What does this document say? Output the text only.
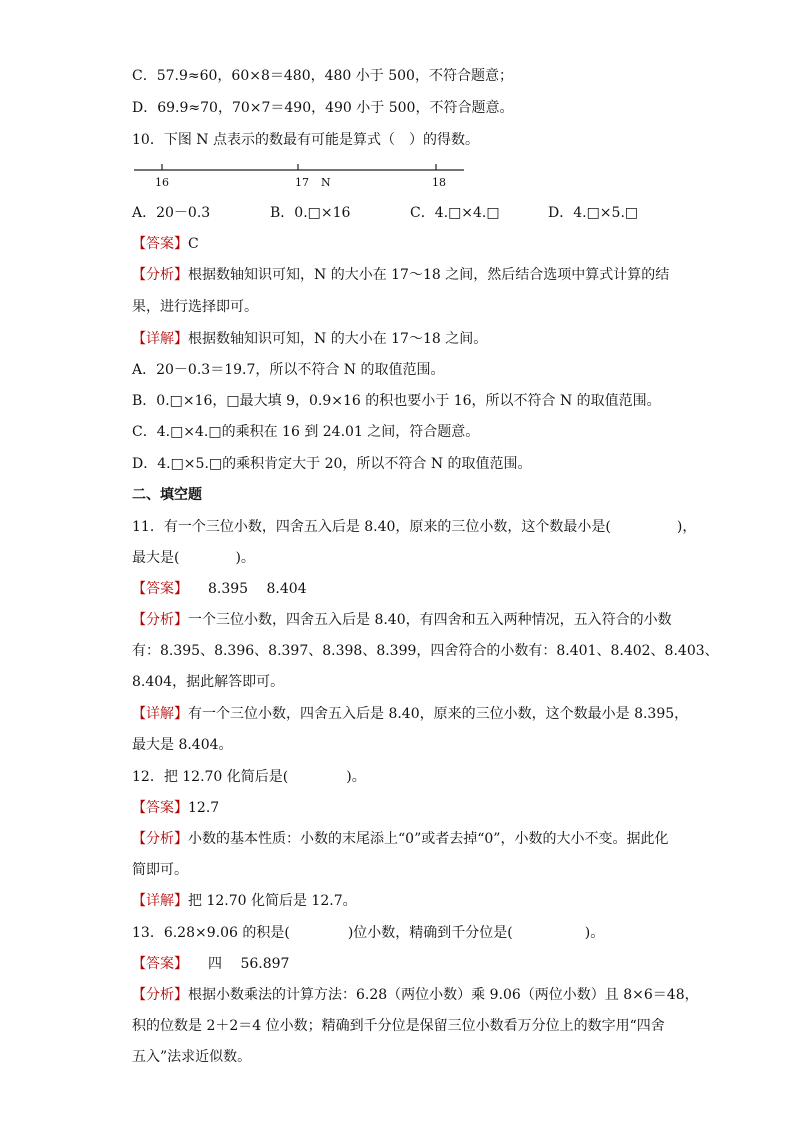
C．57.9≈60，60×8＝480，480 小于 500，不符合题意；
D．69.9≈70，70×7＝490，490 小于 500，不符合题意。
10．下图 N 点表示的数最有可能是算式（　）的得数。
16	17 N	18
A．20－0.3	B．0.□×16	C．4.□×4.□	D．4.□×5.□
【答案】C
【分析】根据数轴知识可知，N 的大小在 17～18 之间，然后结合选项中算式计算的结
果，进行选择即可。
【详解】根据数轴知识可知，N 的大小在 17～18 之间。
A．20－0.3＝19.7，所以不符合 N 的取值范围。
B．0.□×16，□最大填 9，0.9×16 的积也要小于 16，所以不符合 N 的取值范围。
C．4.□×4.□的乘积在 16 到 24.01 之间，符合题意。
D．4.□×5.□的乘积肯定大于 20，所以不符合 N 的取值范围。
二、填空题
11．有一个三位小数，四舍五入后是 8.40，原来的三位小数，这个数最小是(	)，
最大是(	)。
【答案】 8.395　 8.404
【分析】一个三位小数，四舍五入后是 8.40，有四舍和五入两种情况，五入符合的小数
有：8.395、8.396、8.397、8.398、8.399，四舍符合的小数有：8.401、8.402、8.403、
8.404，据此解答即可。
【详解】有一个三位小数，四舍五入后是 8.40，原来的三位小数，这个数最小是 8.395，
最大是 8.404。
12．把 12.70 化简后是(	)。
【答案】12.7
【分析】小数的基本性质：小数的末尾添上“0”或者去掉“0”，小数的大小不变。据此化
简即可。
【详解】把 12.70 化简后是 12.7。
13．6.28×9.06 的积是(	)位小数，精确到千分位是(	)。
【答案】 四　 56.897
【分析】根据小数乘法的计算方法：6.28（两位小数）乘 9.06（两位小数）且 8×6＝48，
积的位数是 2＋2＝4 位小数；精确到千分位是保留三位小数看万分位上的数字用“四舍
五入”法求近似数。
